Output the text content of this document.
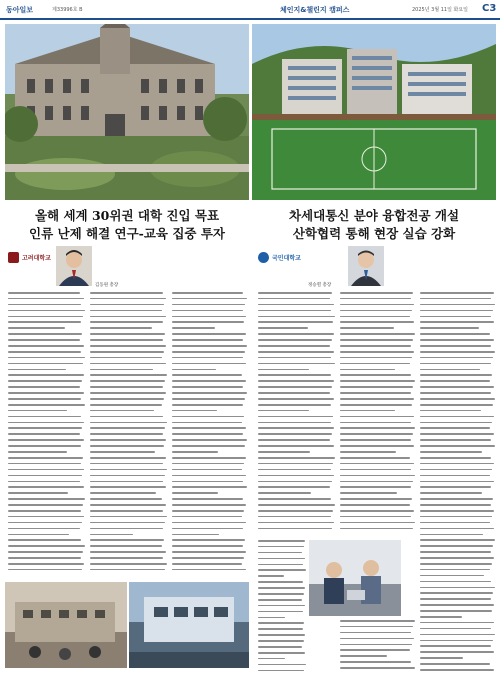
동아일보	제33996호 B	체인지&챌린지 캠퍼스	2025년 3월 11일 화요일 C3
올해 세계 30위권 대학 진입 목표
인류 난제 해결 연구-교육 집중 투자
차세대통신 분야 융합전공 개설
산학협력 통해 현장 실습 강화
고려대학교	국민대학교
김동원 총장	정승렬 총장
